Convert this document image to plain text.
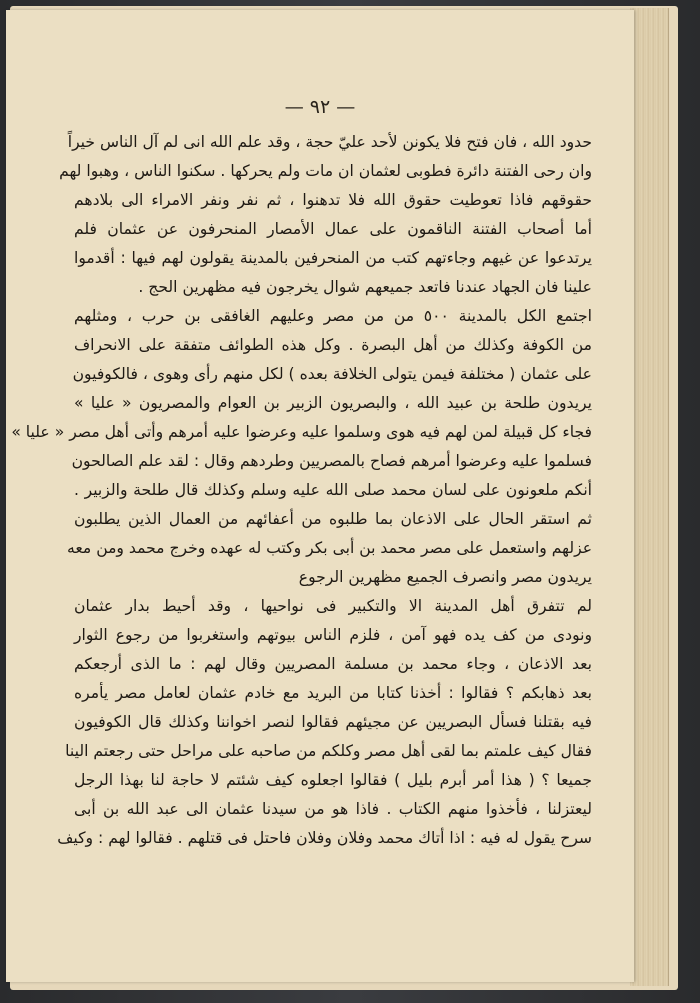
— ٩٢ —
حدود الله ، فان فتح فلا يكونن لأحد عليّ حجة ، وقد علم الله انى لم آل الناس خيراً
وان رحى الفتنة دائرة فطوبى لعثمان ان مات ولم يحركها . سكنوا الناس ، وهبوا لهم
حقوقهم فاذا تعوطيت حقوق الله فلا تدهنوا ، ثم نفر ونفر الامراء الى بلادهم
أما أصحاب الفتنة الناقمون على عمال الأمصار المنحرفون عن عثمان فلم
يرتدعوا عن غيهم وجاءتهم كتب من المنحرفين بالمدينة يقولون لهم فيها : أقدموا
علينا فان الجهاد عندنا فاتعد جميعهم شوال يخرجون فيه مظهرين الحج .
اجتمع الكل بالمدينة ٥٠٠ من من مصر وعليهم الغافقى بن حرب ، ومثلهم
من الكوفة وكذلك من أهل البصرة . وكل هذه الطوائف متفقة على الانحراف
على عثمان ( مختلفة فيمن يتولى الخلافة بعده ) لكل منهم رأى وهوى ، فالكوفيون
يريدون طلحة بن عبيد الله ، والبصريون الزبير بن العوام والمصريون « عليا »
فجاء كل قبيلة لمن لهم فيه هوى وسلموا عليه وعرضوا عليه أمرهم وأتى أهل مصر « عليا »
فسلموا عليه وعرضوا أمرهم فصاح بالمصريين وطردهم وقال : لقد علم الصالحون
أنكم ملعونون على لسان محمد صلى الله عليه وسلم وكذلك قال طلحة والزبير .
ثم استقر الحال على الاذعان بما طلبوه من أعفائهم من العمال الذين يطلبون
عزلهم واستعمل على مصر محمد بن أبى بكر وكتب له عهده وخرج محمد ومن معه
يريدون مصر وانصرف الجميع مظهرين الرجوع
لم تتفرق أهل المدينة الا والتكبير فى نواحيها ، وقد أحيط بدار عثمان
ونودى من كف يده فهو آمن ، فلزم الناس بيوتهم واستغربوا من رجوع الثوار
بعد الاذعان ، وجاء محمد بن مسلمة المصريين وقال لهم : ما الذى أرجعكم
بعد ذهابكم ؟ فقالوا : أخذنا كتابا من البريد مع خادم عثمان لعامل مصر يأمره
فيه بقتلنا فسأل البصريين عن مجيئهم فقالوا لنصر اخواننا وكذلك قال الكوفيون
فقال كيف علمتم بما لقى أهل مصر وكلكم من صاحبه على مراحل حتى رجعتم الينا
جميعا ؟ ( هذا أمر أبرم بليل ) فقالوا اجعلوه كيف شئتم لا حاجة لنا بهذا الرجل
ليعتزلنا ، فأخذوا منهم الكتاب . فاذا هو من سيدنا عثمان الى عبد الله بن أبى
سرح يقول له فيه : اذا أتاك محمد وفلان وفلان فاحتل فى قتلهم . فقالوا لهم : وكيف
